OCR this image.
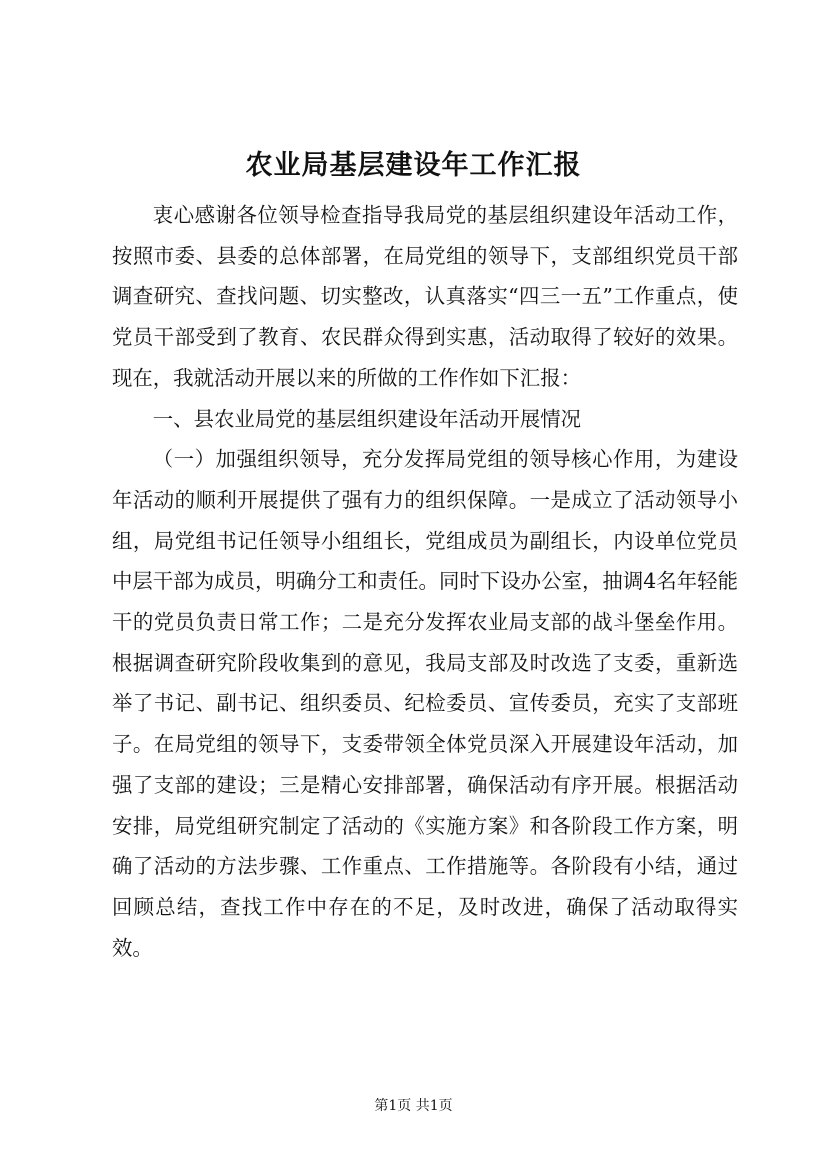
农业局基层建设年工作汇报

衷心感谢各位领导检查指导我局党的基层组织建设年活动工作，按照市委、县委的总体部署，在局党组的领导下，支部组织党员干部调查研究、查找问题、切实整改，认真落实“四三一五”工作重点，使党员干部受到了教育、农民群众得到实惠，活动取得了较好的效果。现在，我就活动开展以来的所做的工作作如下汇报：

一、县农业局党的基层组织建设年活动开展情况

（一）加强组织领导，充分发挥局党组的领导核心作用，为建设年活动的顺利开展提供了强有力的组织保障。一是成立了活动领导小组，局党组书记任领导小组组长，党组成员为副组长，内设单位党员中层干部为成员，明确分工和责任。同时下设办公室，抽调4名年轻能干的党员负责日常工作；二是充分发挥农业局支部的战斗堡垒作用。根据调查研究阶段收集到的意见，我局支部及时改选了支委，重新选举了书记、副书记、组织委员、纪检委员、宣传委员，充实了支部班子。在局党组的领导下，支委带领全体党员深入开展建设年活动，加强了支部的建设；三是精心安排部署，确保活动有序开展。根据活动安排，局党组研究制定了活动的《实施方案》和各阶段工作方案，明确了活动的方法步骤、工作重点、工作措施等。各阶段有小结，通过回顾总结，查找工作中存在的不足，及时改进，确保了活动取得实效。

第1页 共1页
